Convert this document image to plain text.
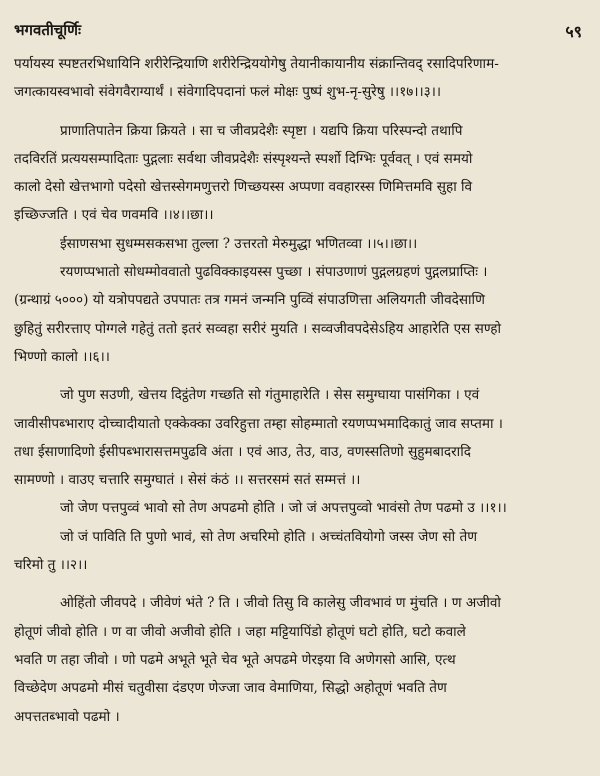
भगवतीचूर्णिः	५९
पर्यायस्य स्पष्टतरभिधायिनि शरीरेन्द्रियाणि शरीरेन्द्रिययोगेषु तेयानीकायानीय संक्रान्तिवद् रसादिपरिणाम-
जगत्कायस्वभावो संवेगवैराग्यार्थं । संवेगादिपदानां फलं मोक्षः पुष्पं शुभ-नृ-सुरेषु ।।१७।।३।।
प्राणातिपातेन क्रिया क्रियते । सा च जीवप्रदेशैः स्पृष्टा । यद्यपि क्रिया परिस्पन्दो तथापि
तदविरतिं प्रत्ययसम्पादिताः पुद्गलाः सर्वथा जीवप्रदेशैः संस्पृश्यन्ते स्पर्शो दिग्भिः पूर्ववत् । एवं समयो
कालो देसो खेत्तभागो पदेसो खेत्तस्सेगमणुत्तरो णिच्छयस्स अप्पणा ववहारस्स णिमित्तमवि सुहा वि
इच्छिज्जति । एवं चेव णवमवि ।।४।।छा।।
ईसाणसभा सुधम्मसकसभा तुल्ला ? उत्तरतो मेरुमुद्धा भणितव्वा ।।५।।छा।।
रयणप्पभातो सोधम्मोववातो पुढविक्काइयस्स पुच्छा । संपाउणाणं पुद्गलग्रहणं पुद्गलप्राप्तिः ।
(ग्रन्थाग्रं ५०००) यो यत्रोपपद्यते उपपातः तत्र गमनं जन्मनि पुव्विं संपाउणित्ता अलियगती जीवदेसाणि
छुहितुं सरीरत्ताए पोग्गले गहेतुं ततो इतरं सव्वहा सरीरं मुयति । सव्वजीवपदेसेऽहिय आहारेति एस सण्हो
भिण्णो कालो ।।६।।
जो पुण सउणी, खेत्तय दिट्ठंतेण गच्छति सो गंतुमाहारेति । सेस समुग्घाया पासंगिका । एवं
जावीसीपब्भाराए दोच्चादीयातो एक्केक्का उवरिहुत्ता तम्हा सोहम्मातो रयणप्पभमादिकातुं जाव सप्तमा ।
तधा ईसाणादिणो ईसीपब्भारासत्तमपुढवि अंता । एवं आउ, तेउ, वाउ, वणस्सतिणो सुहुमबादरादि
सामण्णो । वाउए चत्तारि समुग्घातं । सेसं कंठं ।। सत्तरसमं सतं सम्मत्तं ।।
जो जेण पत्तपुव्वं भावो सो तेण अपढमो होति । जो जं अपत्तपुव्वो भावंसो तेण पढमो उ ।।१।।
जो जं पाविति ति पुणो भावं, सो तेण अचरिमो होति । अच्चंतवियोगो जस्स जेण सो तेण
चरिमो तु ।।२।।
ओहिंतो जीवपदे । जीवेणं भंते ? ति । जीवो तिसु वि कालेसु जीवभावं ण मुंचति । ण अजीवो
होतूणं जीवो होति । ण वा जीवो अजीवो होति । जहा मट्टियापिंडो होतूणं घटो होति, घटो कवाले
भवति ण तहा जीवो । णो पढमे अभूते भूते चेव भूते अपढमे णेरइया वि अणेगसो आसि, एत्थ
विच्छेदेण अपढमो मीसं चतुवीसा दंडएण णेज्जा जाव वेमाणिया, सिद्धो अहोतूणं भवति तेण
अपत्ततब्भावो पढमो ।
